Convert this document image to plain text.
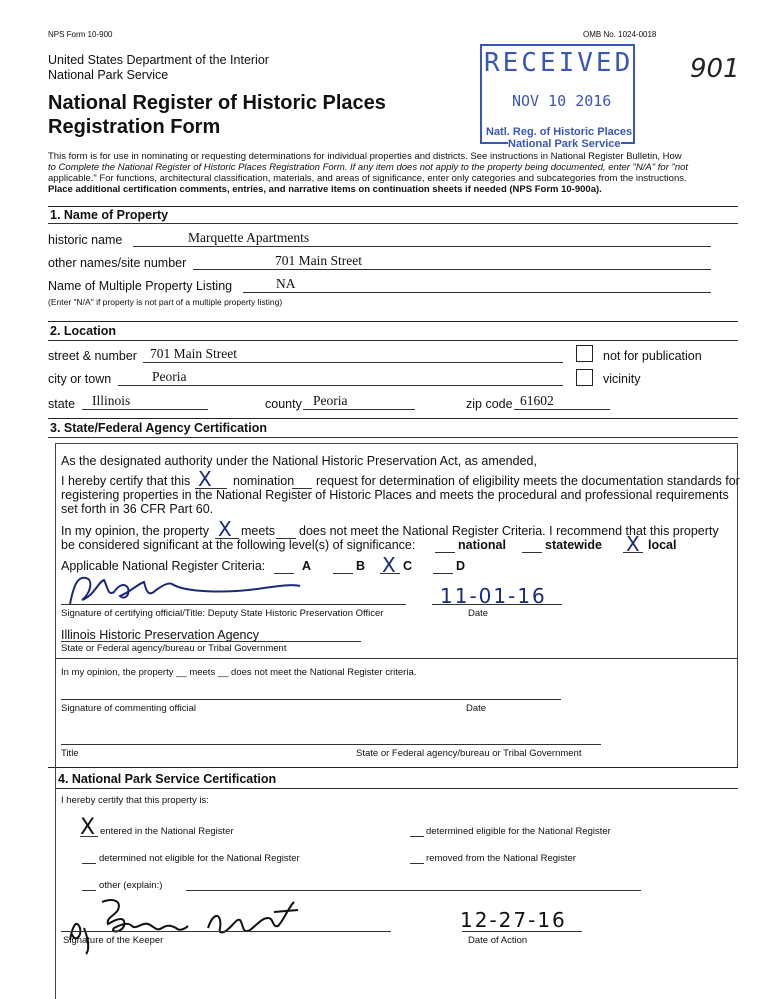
NPS Form 10-900	OMB No. 1024-0018
United States Department of the Interior
National Park Service
National Register of Historic Places
Registration Form
901
RECEIVED
NOV 10 2016
Natl. Reg. of Historic Places
National Park Service
This form is for use in nominating or requesting determinations for individual properties and districts. See instructions in National Register Bulletin, How
to Complete the National Register of Historic Places Registration Form. If any item does not apply to the property being documented, enter "N/A" for "not
applicable." For functions, architectural classification, materials, and areas of significance, enter only categories and subcategories from the instructions.
Place additional certification comments, entries, and narrative items on continuation sheets if needed (NPS Form 10-900a).
1. Name of Property
historic name	Marquette Apartments
other names/site number	701 Main Street
Name of Multiple Property Listing	NA
(Enter "N/A" if property is not part of a multiple property listing)
2. Location
street & number 701 Main Street	not for publication
city or town	Peoria	vicinity
state Illinois	county Peoria	zip code 61602
3. State/Federal Agency Certification
As the designated authority under the National Historic Preservation Act, as amended,
I hereby certify that this X nomination request for determination of eligibility meets the documentation standards for
registering properties in the National Register of Historic Places and meets the procedural and professional requirements
set forth in 36 CFR Part 60.
In my opinion, the property X meets does not meet the National Register Criteria. I recommend that this property
be considered significant at the following level(s) of significance:	national	statewide X local
Applicable National Register Criteria:	A	B X C	D
11-01-16
Signature of certifying official/Title: Deputy State Historic Preservation Officer	Date
Illinois Historic Preservation Agency
State or Federal agency/bureau or Tribal Government
In my opinion, the property __ meets __ does not meet the National Register criteria.
Signature of commenting official	Date
Title	State or Federal agency/bureau or Tribal Government
4. National Park Service Certification
I hereby certify that this property is:
X entered in the National Register	determined eligible for the National Register
determined not eligible for the National Register	removed from the National Register
other (explain:)
Signature of the Keeper
12-27-16
Date of Action
